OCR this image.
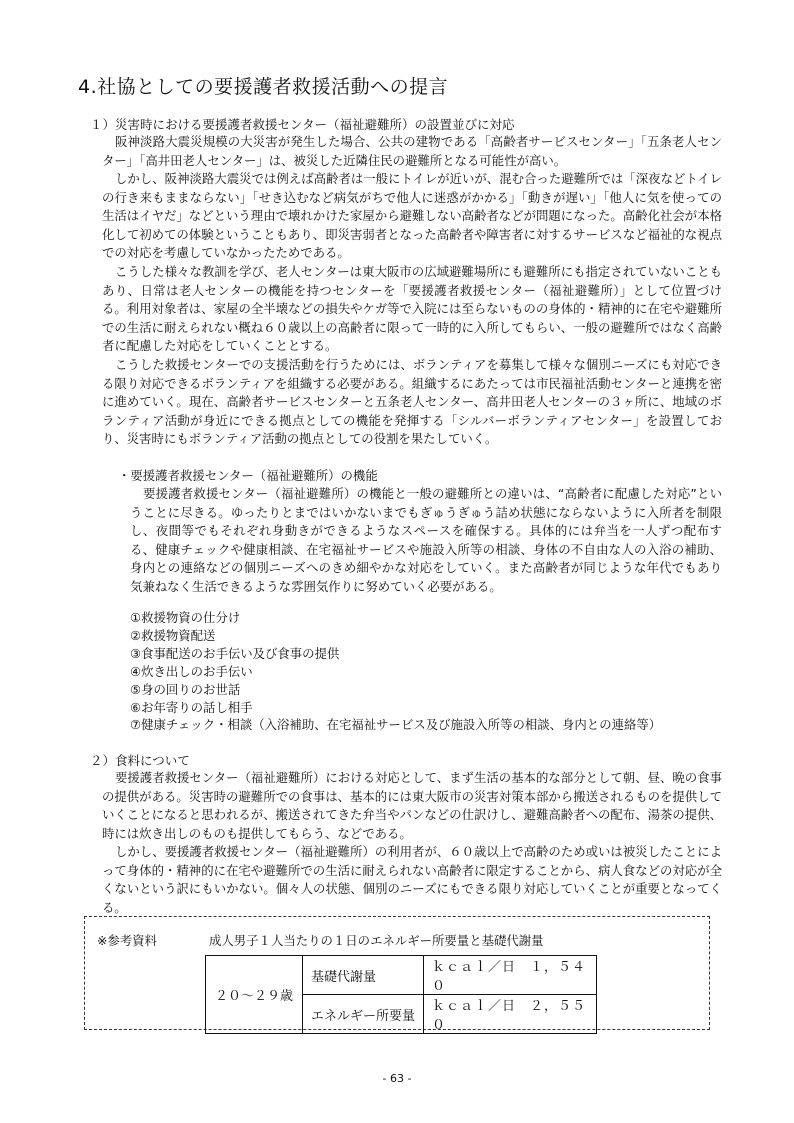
4.社協としての要援護者救援活動への提言
１）災害時における要援護者救援センター（福祉避難所）の設置並びに対応

阪神淡路大震災規模の大災害が発生した場合、公共の建物である「高齢者サービスセンター」「五条老人センター」「高井田老人センター」は、被災した近隣住民の避難所となる可能性が高い。

しかし、阪神淡路大震災では例えば高齢者は一般にトイレが近いが、混む合った避難所では「深夜などトイレの行き来もままならない」「せき込むなど病気がちで他人に迷惑がかかる」「動きが遅い」「他人に気を使っての生活はイヤだ」などという理由で壊れかけた家屋から避難しない高齢者などが問題になった。高齢化社会が本格化して初めての体験ということもあり、即災害弱者となった高齢者や障害者に対するサービスなど福祉的な視点での対応を考慮していなかったためである。

こうした様々な教訓を学び、老人センターは東大阪市の広域避難場所にも避難所にも指定されていないこともあり、日常は老人センターの機能を持つセンターを「要援護者救援センター（福祉避難所）」として位置づける。利用対象者は、家屋の全半壊などの損失やケガ等で入院には至らないものの身体的・精神的に在宅や避難所での生活に耐えられない概ね６０歳以上の高齢者に限って一時的に入所してもらい、一般の避難所ではなく高齢者に配慮した対応をしていくこととする。

こうした救援センターでの支援活動を行うためには、ボランティアを募集して様々な個別ニーズにも対応できる限り対応できるボランティアを組織する必要がある。組織するにあたっては市民福祉活動センターと連携を密に進めていく。現在、高齢者サービスセンターと五条老人センター、高井田老人センターの３ヶ所に、地域のボランティア活動が身近にできる拠点としての機能を発揮する「シルバーボランティアセンター」を設置しており、災害時にもボランティア活動の拠点としての役割を果たしていく。

・要援護者救援センター（福祉避難所）の機能

要援護者救援センター（福祉避難所）の機能と一般の避難所との違いは、“高齢者に配慮した対応”ということに尽きる。ゆったりとまではいかないまでもぎゅうぎゅう詰め状態にならないように入所者を制限し、夜間等でもそれぞれ身動きができるようなスペースを確保する。具体的には弁当を一人ずつ配布する、健康チェックや健康相談、在宅福祉サービスや施設入所等の相談、身体の不自由な人の入浴の補助、身内との連絡などの個別ニーズへのきめ細やかな対応をしていく。また高齢者が同じような年代でもあり気兼ねなく生活できるような雰囲気作りに努めていく必要がある。

①救援物資の仕分け
②救援物資配送
③食事配送のお手伝い及び食事の提供
④炊き出しのお手伝い
⑤身の回りのお世話
⑥お年寄りの話し相手
⑦健康チェック・相談（入浴補助、在宅福祉サービス及び施設入所等の相談、身内との連絡等）
２）食料について

要援護者救援センター（福祉避難所）における対応として、まず生活の基本的な部分として朝、昼、晩の食事の提供がある。災害時の避難所での食事は、基本的には東大阪市の災害対策本部から搬送されるものを提供していくことになると思われるが、搬送されてきた弁当やパンなどの仕訳けし、避難高齢者への配布、湯茶の提供、時には炊き出しのものも提供してもらう、などである。

しかし、要援護者救援センター（福祉避難所）の利用者が、６０歳以上で高齢のため或いは被災したことによって身体的・精神的に在宅や避難所での生活に耐えられない高齢者に限定することから、病人食などの対応が全くないという訳にもいかない。個々人の状態、個別のニーズにもできる限り対応していくことが重要となってくる。

※参考資料	成人男子１人当たりの１日のエネルギー所要量と基礎代謝量
２０～２９歳	基礎代謝量	ｋｃａｌ／日　１，５４０
	エネルギー所要量	ｋｃａｌ／日　２，５５０
- 63 -
